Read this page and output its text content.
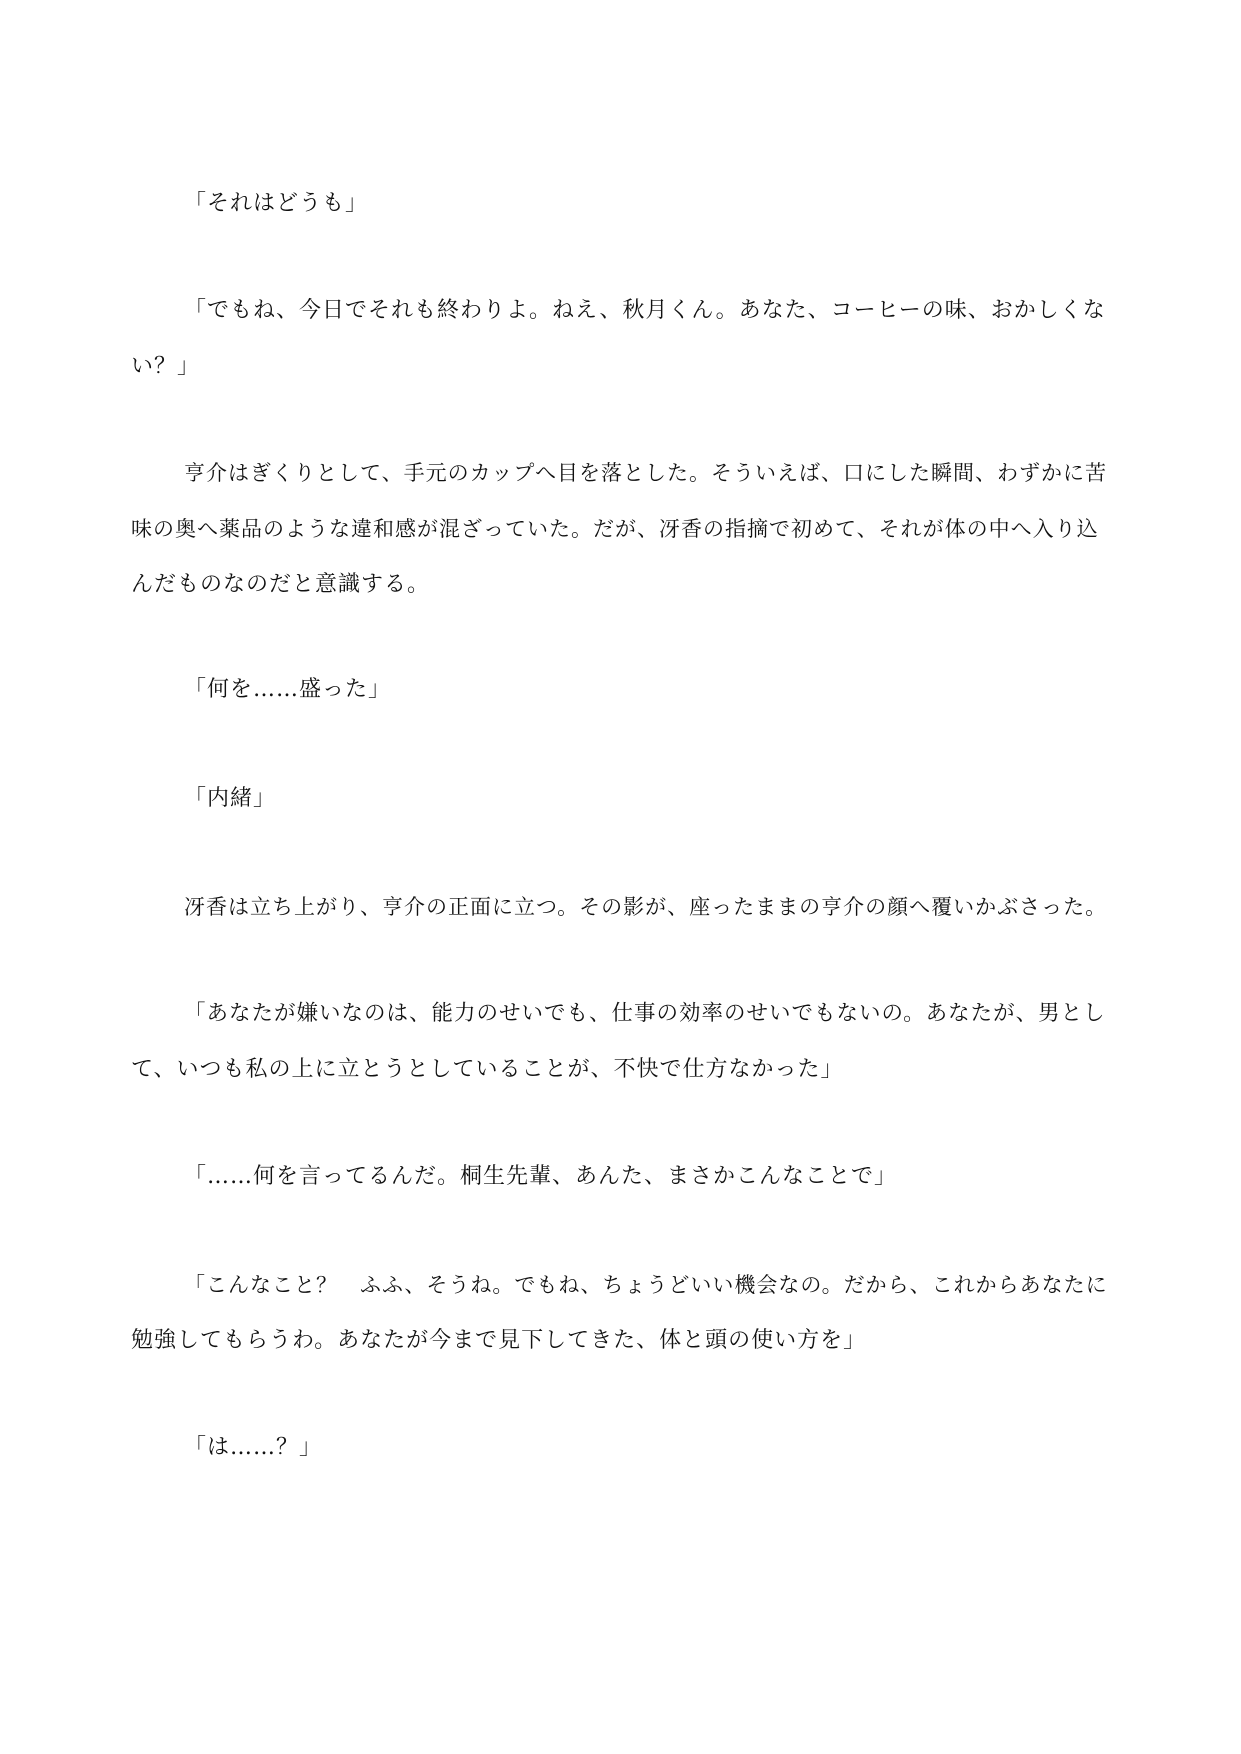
「それはどうも」

「でもね、今日でそれも終わりよ。ねえ、秋月くん。あなた、コーヒーの味、おかしくな
い？」

亨介はぎくりとして、手元のカップへ目を落とした。そういえば、口にした瞬間、わずかに苦
味の奥へ薬品のような違和感が混ざっていた。だが、冴香の指摘で初めて、それが体の中へ入り込
んだものなのだと意識する。

「何を……盛った」

「内緒」

冴香は立ち上がり、亨介の正面に立つ。その影が、座ったままの亨介の顔へ覆いかぶさった。

「あなたが嫌いなのは、能力のせいでも、仕事の効率のせいでもないの。あなたが、男とし
て、いつも私の上に立とうとしていることが、不快で仕方なかった」

「……何を言ってるんだ。桐生先輩、あんた、まさかこんなことで」

「こんなこと？　ふふ、そうね。でもね、ちょうどいい機会なの。だから、これからあなたに
勉強してもらうわ。あなたが今まで見下してきた、体と頭の使い方を」

「は……？」
